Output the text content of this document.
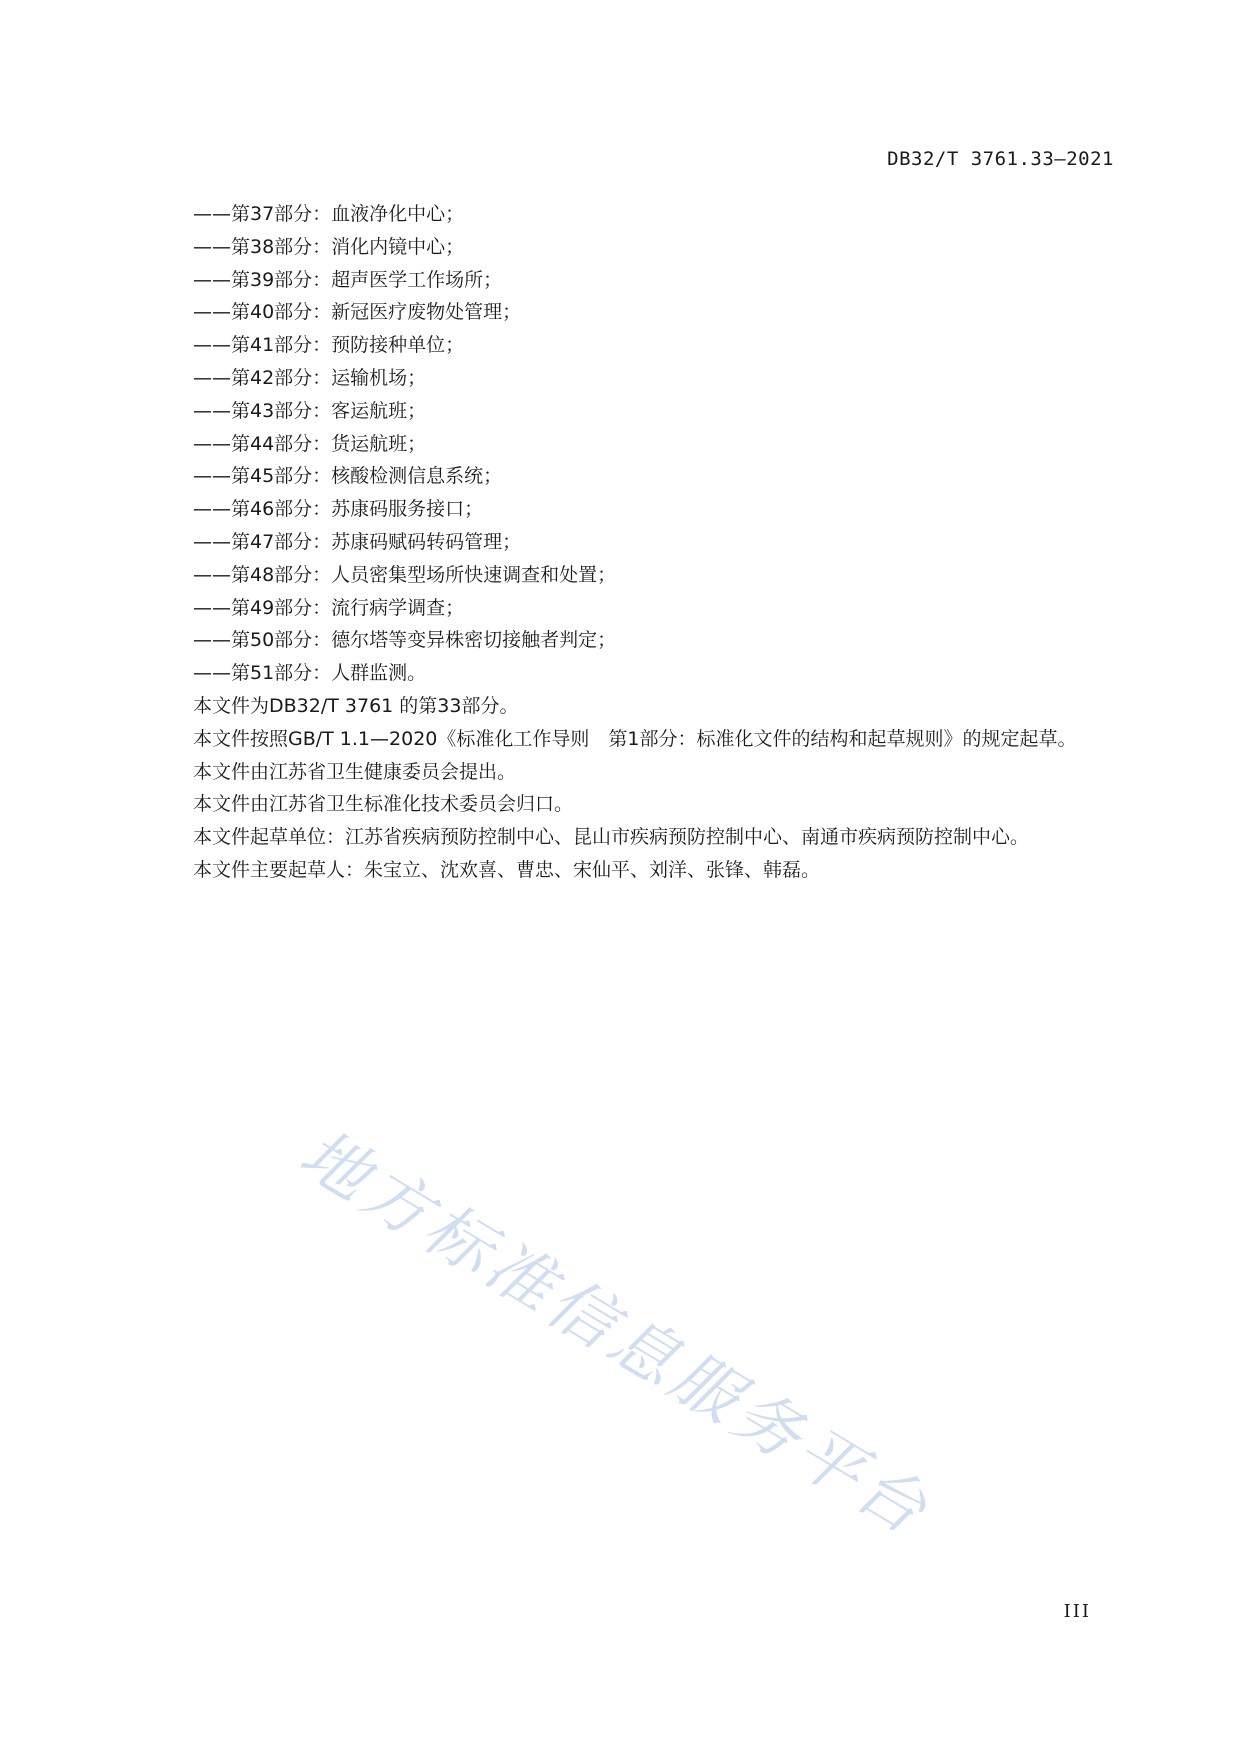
DB32/T 3761.33—2021

——第37部分：血液净化中心；

——第38部分：消化内镜中心；

——第39部分：超声医学工作场所；

——第40部分：新冠医疗废物处管理；

——第41部分：预防接种单位；

——第42部分：运输机场；

——第43部分：客运航班；

——第44部分：货运航班；

——第45部分：核酸检测信息系统；

——第46部分：苏康码服务接口；

——第47部分：苏康码赋码转码管理；

——第48部分：人员密集型场所快速调查和处置；

——第49部分：流行病学调查；

——第50部分：德尔塔等变异株密切接触者判定；

——第51部分：人群监测。

本文件为DB32/T 3761 的第33部分。

本文件按照GB/T 1.1—2020《标准化工作导则　第1部分：标准化文件的结构和起草规则》的规定起草。

本文件由江苏省卫生健康委员会提出。

本文件由江苏省卫生标准化技术委员会归口。

本文件起草单位：江苏省疾病预防控制中心、昆山市疾病预防控制中心、南通市疾病预防控制中心。

本文件主要起草人：朱宝立、沈欢喜、曹忠、宋仙平、刘洋、张锋、韩磊。

地方标准信息服务平台
III
